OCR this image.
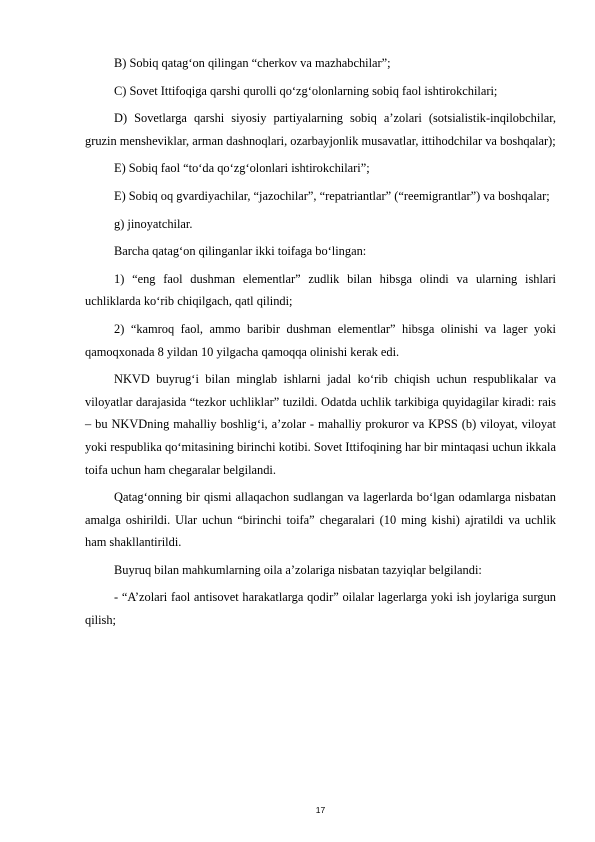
B) Sobiq qatag‘on qilingan “cherkov va mazhabchilar”;

C) Sovet Ittifoqiga qarshi qurolli qo‘zg‘olonlarning sobiq faol ishtirokchilari;

D) Sovetlarga qarshi siyosiy partiyalarning sobiq a’zolari (sotsialistik-inqilobchilar, gruzin mensheviklar, arman dashnoqlari, ozarbayjonlik musavatlar, ittihodchilar va boshqalar);

E) Sobiq faol “to‘da qo‘zg‘olonlari ishtirokchilari”;

E) Sobiq oq gvardiyachilar, “jazochilar”, “repatriantlar” (“reemigrantlar”) va boshqalar;

g) jinoyatchilar.

Barcha qatag‘on qilinganlar ikki toifaga bo‘lingan:

1) “eng faol dushman elementlar” zudlik bilan hibsga olindi va ularning ishlari uchliklarda ko‘rib chiqilgach, qatl qilindi;

2) “kamroq faol, ammo baribir dushman elementlar” hibsga olinishi va lager yoki qamoqxonada 8 yildan 10 yilgacha qamoqqa olinishi kerak edi.

NKVD buyrug‘i bilan minglab ishlarni jadal ko‘rib chiqish uchun respublikalar va viloyatlar darajasida “tezkor uchliklar” tuzildi. Odatda uchlik tarkibiga quyidagilar kiradi: rais – bu NKVDning mahalliy boshlig‘i, a’zolar - mahalliy prokuror va KPSS (b) viloyat, viloyat yoki respublika qo‘mitasining birinchi kotibi. Sovet Ittifoqining har bir mintaqasi uchun ikkala toifa uchun ham chegaralar belgilandi.

Qatag‘onning bir qismi allaqachon sudlangan va lagerlarda bo‘lgan odamlarga nisbatan amalga oshirildi. Ular uchun “birinchi toifa” chegaralari (10 ming kishi) ajratildi va uchlik ham shakllantirildi.

Buyruq bilan mahkumlarning oila a’zolariga nisbatan tazyiqlar belgilandi:

- “A’zolari faol antisovet harakatlarga qodir” oilalar lagerlarga yoki ish joylariga surgun qilish;

17
